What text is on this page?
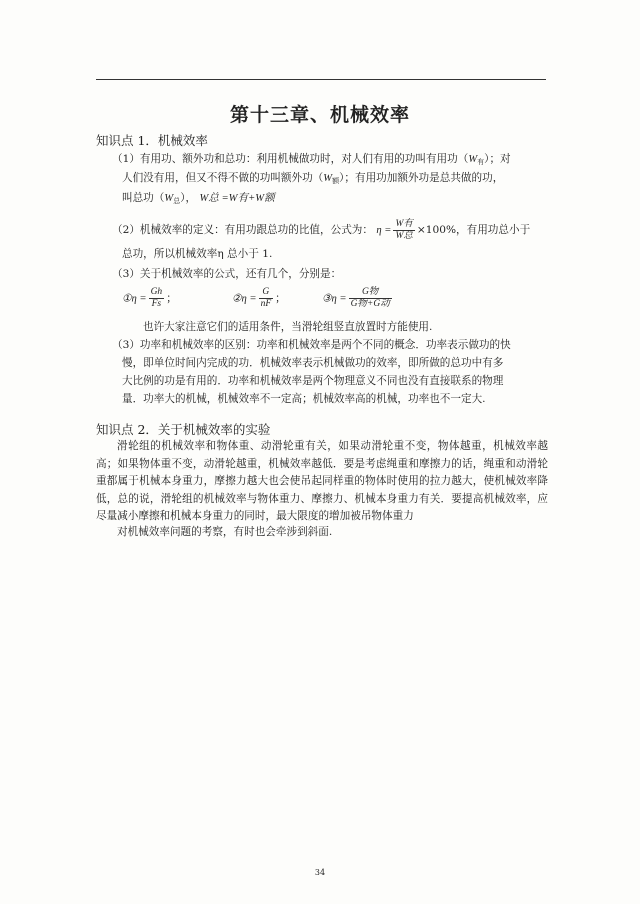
第十三章、机械效率
知识点 1．机械效率
（1）有用功、额外功和总功：利用机械做功时，对人们有用的功叫有用功$(W_有)$；对
人们没有用，但又不得不做的功叫额外功$(W_额)$；有用功加额外功是总共做的功，
叫总功$(W_总)$， W总 =W有+W额
（2）机械效率的定义：有用功跟总功的比值，公式为： $\eta = \frac{\text{W有}}{\text{W总}} \times 100\%$，有用功总小于
总功，所以机械效率η 总小于 1.
（3）关于机械效率的公式，还有几个，分别是：
①η = $\frac{Gh}{Fs}$ ；	②η = $\frac{G}{nF}$ ；	③η = $\frac{\text{G物}}{\text{G物+G动}}$
也许大家注意它们的适用条件，当滑轮组竖直放置时方能使用.
（3）功率和机械效率的区别：功率和机械效率是两个不同的概念．功率表示做功的快
慢，即单位时间内完成的功．机械效率表示机械做功的效率，即所做的总功中有多
大比例的功是有用的．功率和机械效率是两个物理意义不同也没有直接联系的物理
量．功率大的机械，机械效率不一定高；机械效率高的机械，功率也不一定大.
知识点 2．关于机械效率的实验
滑轮组的机械效率和物体重、动滑轮重有关，如果动滑轮重不变，物体越重，机械效率越高；如果物体重不变，动滑轮越重，机械效率越低．要是考虑绳重和摩擦力的话，绳重和动滑轮重都属于机械本身重力，摩擦力越大也会使吊起同样重的物体时使用的拉力越大，使机械效率降低，总的说，滑轮组的机械效率与物体重力、摩擦力、机械本身重力有关．要提高机械效率，应尽量减小摩擦和机械本身重力的同时，最大限度的增加被吊物体重力
对机械效率问题的考察，有时也会牵涉到斜面.
34
